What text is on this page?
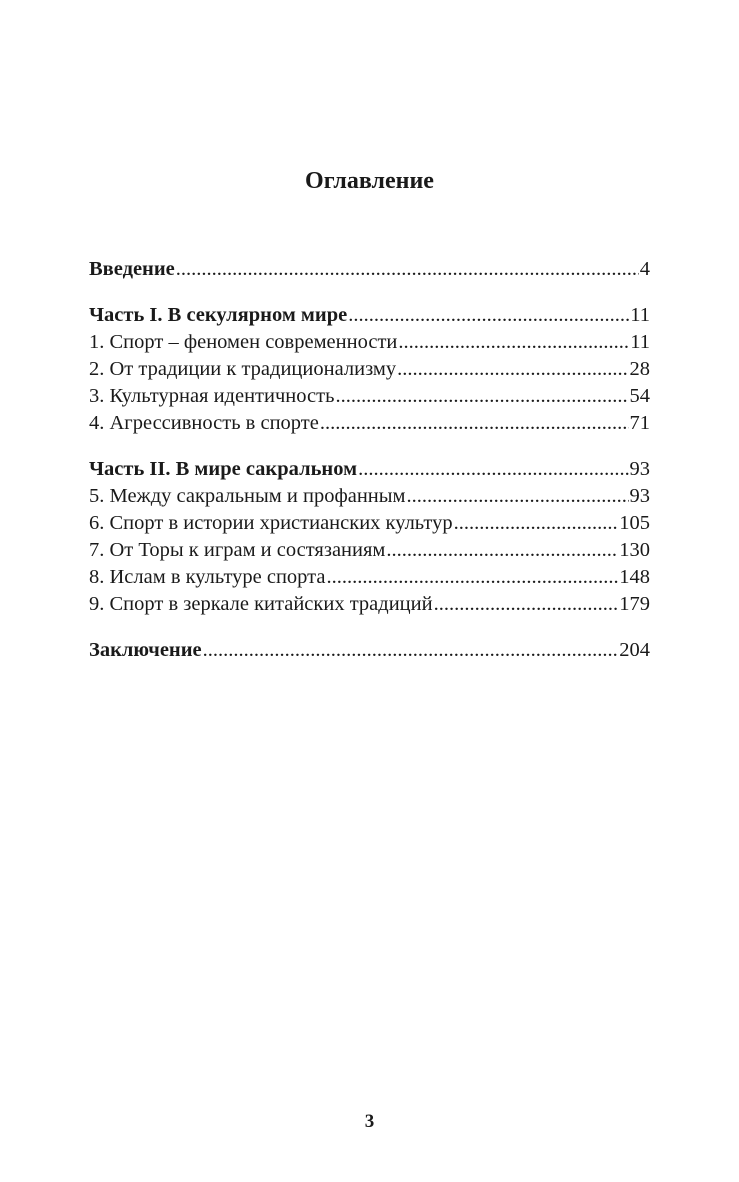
Оглавление
Введение .....	4
Часть I. В секулярном мире .....	11
1. Спорт – феномен современности .....	11
2. От традиции к традиционализму .....	28
3. Культурная идентичность .....	54
4. Агрессивность в спорте .....	71
Часть II. В мире сакральном .....	93
5. Между сакральным и профанным .....	93
6. Спорт в истории христианских культур .....	105
7. От Торы к играм и состязаниям .....	130
8. Ислам в культуре спорта .....	148
9. Спорт в зеркале китайских традиций .....	179
Заключение .....	204
3
